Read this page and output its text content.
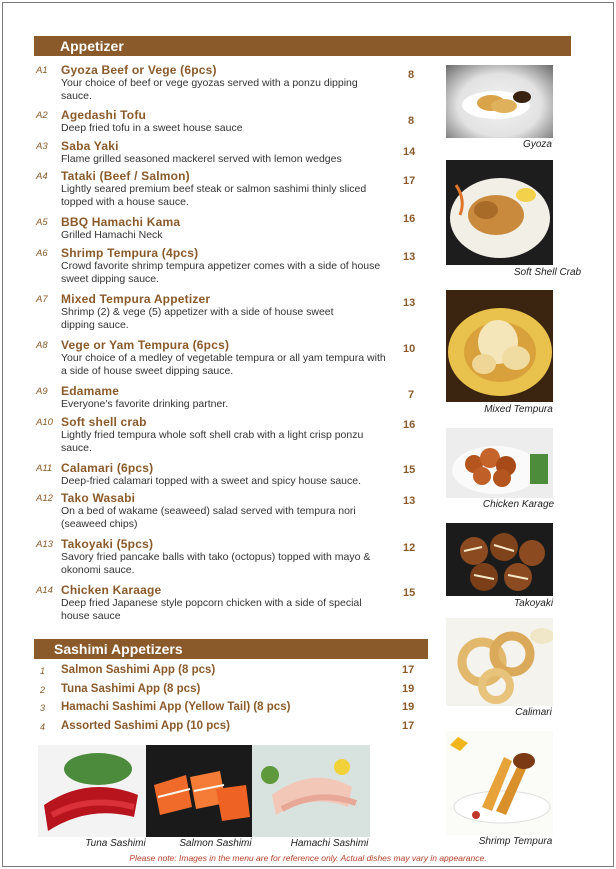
Appetizer
A1	Gyoza Beef or Vege (6pcs)
Your choice of beef or vege gyozas served with a ponzu dipping sauce.
8
A2	Agedashi Tofu
Deep fried tofu in a sweet house sauce
8
A3	Saba Yaki
Flame grilled seasoned mackerel served with lemon wedges
14
A4	Tataki (Beef / Salmon)
Lightly seared premium beef steak or salmon sashimi thinly sliced topped with a house sauce.
17
A5	BBQ Hamachi Kama
Grilled Hamachi Neck
16
A6	Shrimp Tempura (4pcs)
Crowd favorite shrimp tempura appetizer comes with a side of house sweet dipping sauce.
13
A7	Mixed Tempura Appetizer
Shrimp (2) & vege (5) appetizer with a side of house sweet dipping sauce.
13
A8	Vege or Yam Tempura (6pcs)
Your choice of a medley of vegetable tempura or all yam tempura with a side of house sweet dipping sauce.
10
A9	Edamame
Everyone's favorite drinking partner.
7
A10 Soft shell crab
Lightly fried tempura whole soft shell crab with a light crisp ponzu sauce.
16
A11 Calamari (6pcs)
Deep-fried calamari topped with a sweet and spicy house sauce.
15
A12 Tako Wasabi
On a bed of wakame (seaweed) salad served with tempura nori (seaweed chips)
13
A13 Takoyaki (5pcs)
Savory fried pancake balls with tako (octopus) topped with mayo & okonomi sauce.
12
A14 Chicken Karaage
Deep fried Japanese style popcorn chicken with a side of special house sauce
15
Sashimi Appetizers
1 Salmon Sashimi App (8 pcs)	17
2 Tuna Sashimi App (8 pcs)	19
3 Hamachi Sashimi App (Yellow Tail) (8 pcs)	19
4 Assorted Sashimi App (10 pcs)	17
Gyoza
Soft Shell Crab
Mixed Tempura
Chicken Karage
Takoyaki
Calimari
Shrimp Tempura
Tuna Sashimi	Salmon Sashimi	Hamachi Sashimi
Please note: Images in the menu are for reference only. Actual dishes may vary in appearance.
